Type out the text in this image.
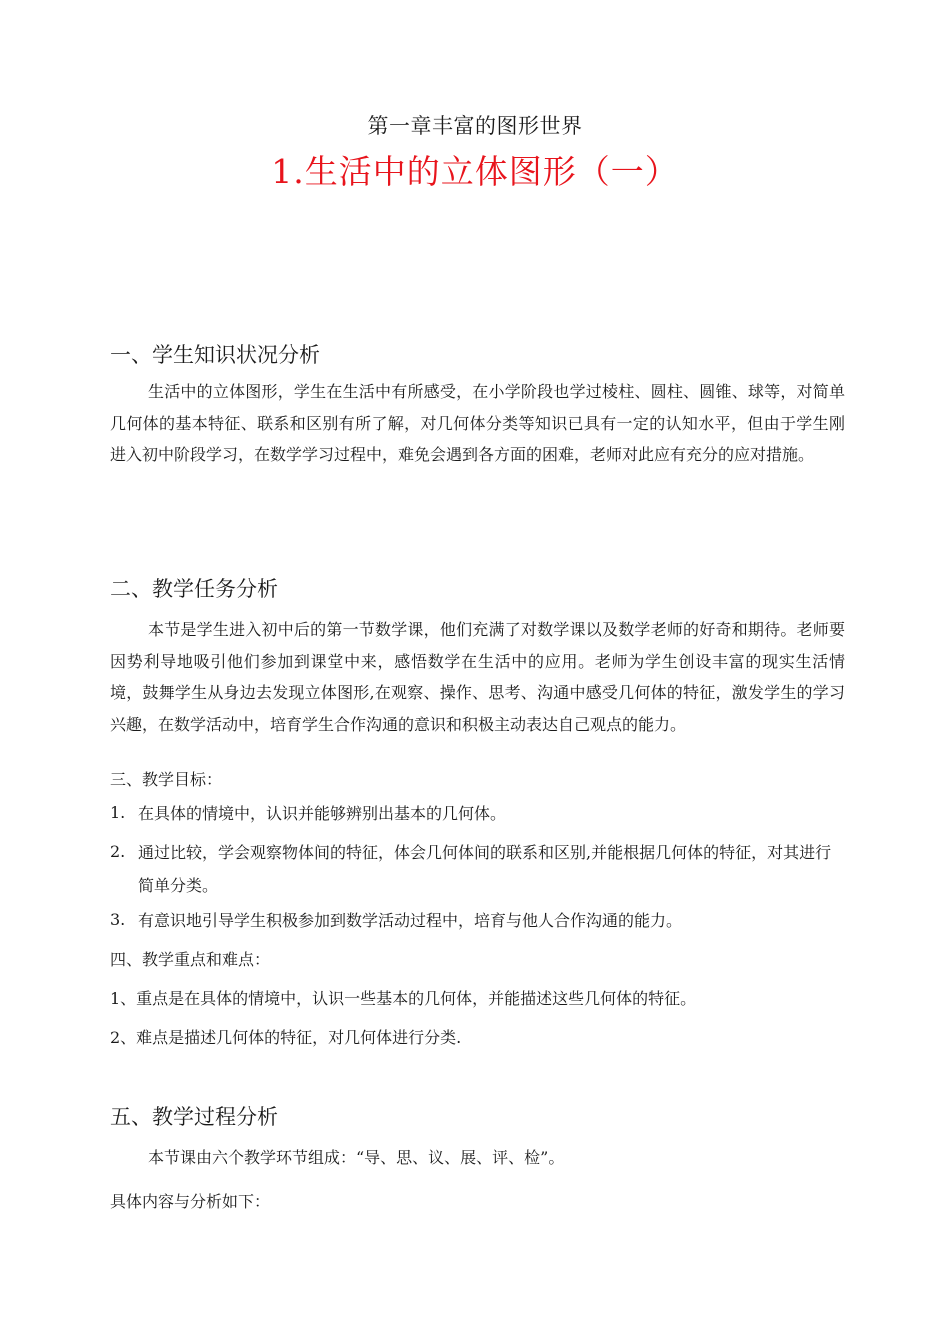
第一章丰富的图形世界
1.生活中的立体图形（一）
一、学生知识状况分析
生活中的立体图形，学生在生活中有所感受，在小学阶段也学过棱柱、圆柱、圆锥、球等，对简单几何体的基本特征、联系和区别有所了解，对几何体分类等知识已具有一定的认知水平，但由于学生刚进入初中阶段学习，在数学学习过程中，难免会遇到各方面的困难，老师对此应有充分的应对措施。
二、教学任务分析
本节是学生进入初中后的第一节数学课，他们充满了对数学课以及数学老师的好奇和期待。老师要因势利导地吸引他们参加到课堂中来，感悟数学在生活中的应用。老师为学生创设丰富的现实生活情境，鼓舞学生从身边去发现立体图形,在观察、操作、思考、沟通中感受几何体的特征，激发学生的学习兴趣，在数学活动中，培育学生合作沟通的意识和积极主动表达自己观点的能力。
三、教学目标：
1. 在具体的情境中，认识并能够辨别出基本的几何体。
2. 通过比较，学会观察物体间的特征，体会几何体间的联系和区别,并能根据几何体的特征，对其进行简单分类。
3. 有意识地引导学生积极参加到数学活动过程中，培育与他人合作沟通的能力。
四、教学重点和难点：
1、重点是在具体的情境中，认识一些基本的几何体，并能描述这些几何体的特征。
2、难点是描述几何体的特征，对几何体进行分类.
五、教学过程分析
本节课由六个教学环节组成：“导、思、议、展、评、检”。
具体内容与分析如下：
